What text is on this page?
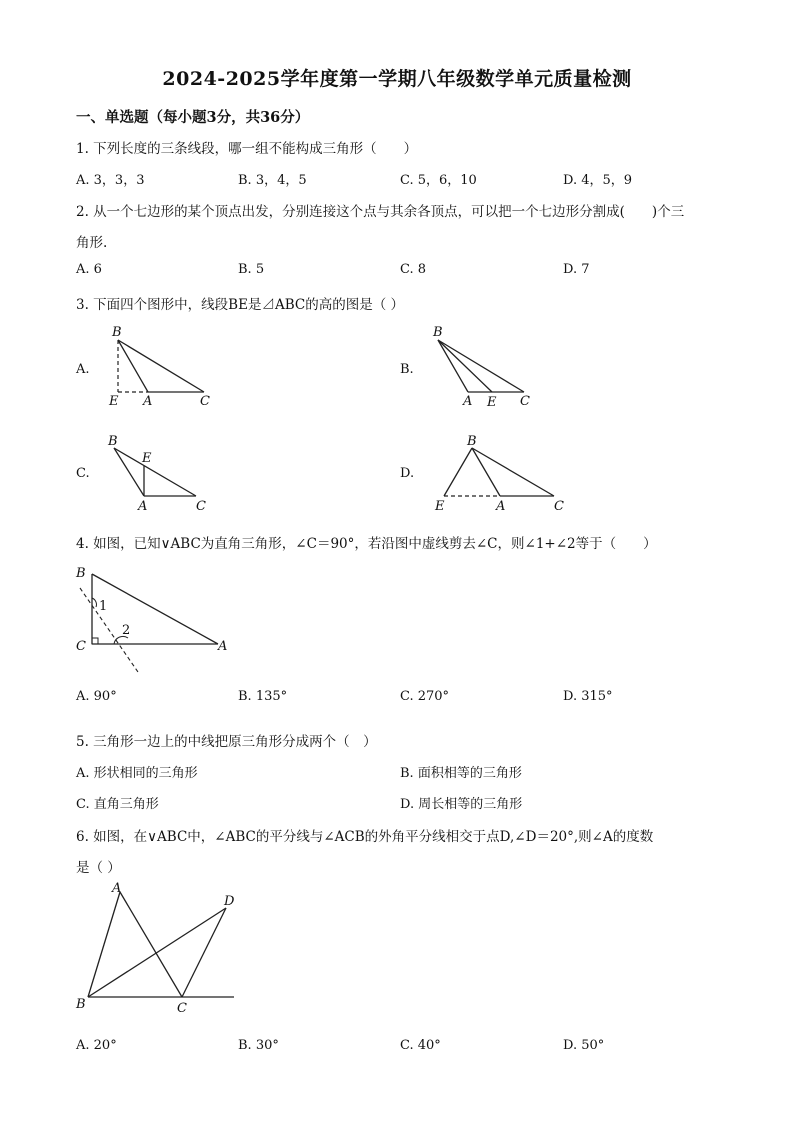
2024-2025学年度第一学期八年级数学单元质量检测
一、单选题（每小题3分，共36分）
1. 下列长度的三条线段，哪一组不能构成三角形（　　）
A. 3，3，3	B. 3，4，5	C. 5，6，10	D. 4，5，9
2. 从一个七边形的某个顶点出发，分别连接这个点与其余各顶点，可以把一个七边形分割成(　　)个三
角形.
A. 6	B. 5	C. 8	D. 7
3. 下面四个图形中，线段BE是⊿ABC的高的图是（ ）
A.
B
E A	C
B.
B
A E C
C.
B
E
A	C
D.
B
E	A	C
4. 如图，已知∨ABC为直角三角形，∠C＝90°，若沿图中虚线剪去∠C，则∠1+∠2等于（　　）
B
C	A
1
2
A. 90°	B. 135°	C. 270°	D. 315°
5. 三角形一边上的中线把原三角形分成两个（　）
A. 形状相同的三角形	B. 面积相等的三角形
C. 直角三角形	D. 周长相等的三角形
6. 如图，在∨ABC中，∠ABC的平分线与∠ACB的外角平分线相交于点D,∠D＝20°,则∠A的度数
是（ ）
A
B	C
D
A. 20°	B. 30°	C. 40°	D. 50°
